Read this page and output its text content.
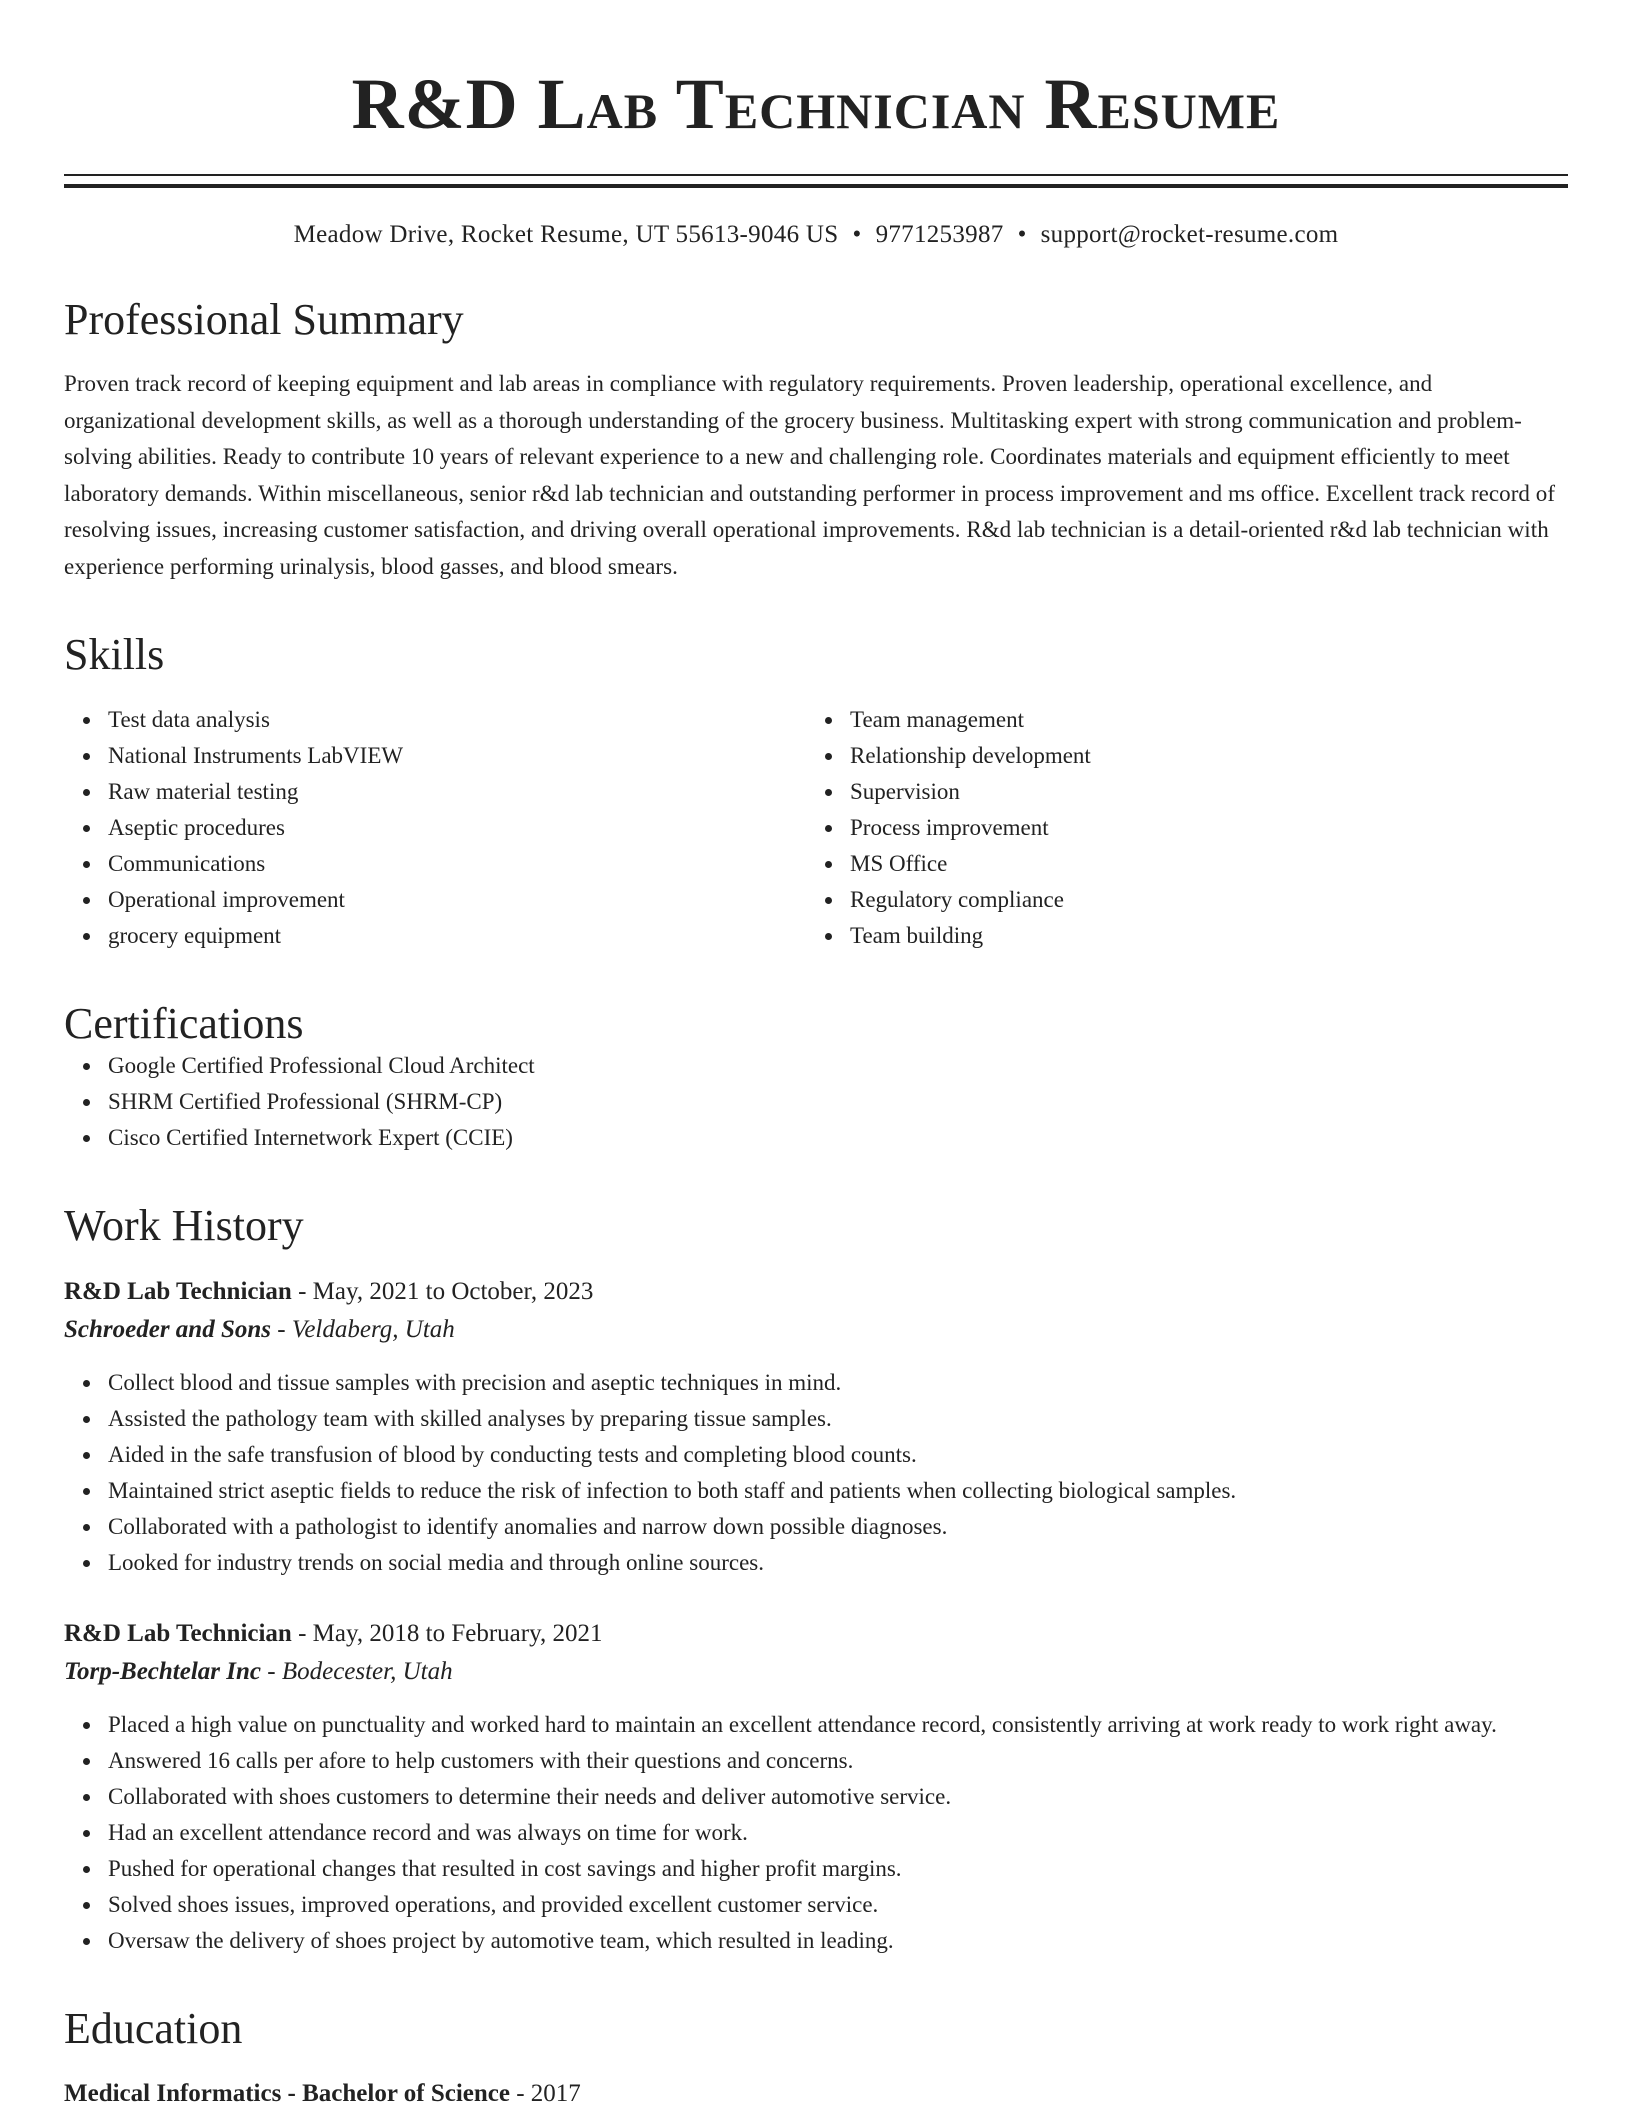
R&D Lab Technician Resume
Meadow Drive, Rocket Resume, UT 55613-9046 US • 9771253987 • support@rocket-resume.com
Professional Summary

Proven track record of keeping equipment and lab areas in compliance with regulatory requirements. Proven leadership, operational excellence, and organizational development skills, as well as a thorough understanding of the grocery business. Multitasking expert with strong communication and problem-solving abilities. Ready to contribute 10 years of relevant experience to a new and challenging role. Coordinates materials and equipment efficiently to meet laboratory demands. Within miscellaneous, senior r&d lab technician and outstanding performer in process improvement and ms office. Excellent track record of resolving issues, increasing customer satisfaction, and driving overall operational improvements. R&d lab technician is a detail-oriented r&d lab technician with experience performing urinalysis, blood gasses, and blood smears.

Skills
Test data analysis
National Instruments LabVIEW
Raw material testing
Aseptic procedures
Communications
Operational improvement
grocery equipment
Team management
Relationship development
Supervision
Process improvement
MS Office
Regulatory compliance
Team building
Certifications
Google Certified Professional Cloud Architect
SHRM Certified Professional (SHRM-CP)
Cisco Certified Internetwork Expert (CCIE)
Work History
R&D Lab Technician - May, 2021 to October, 2023
Schroeder and Sons - Veldaberg, Utah
Collect blood and tissue samples with precision and aseptic techniques in mind.
Assisted the pathology team with skilled analyses by preparing tissue samples.
Aided in the safe transfusion of blood by conducting tests and completing blood counts.
Maintained strict aseptic fields to reduce the risk of infection to both staff and patients when collecting biological samples.
Collaborated with a pathologist to identify anomalies and narrow down possible diagnoses.
Looked for industry trends on social media and through online sources.
R&D Lab Technician - May, 2018 to February, 2021
Torp-Bechtelar Inc - Bodecester, Utah
Placed a high value on punctuality and worked hard to maintain an excellent attendance record, consistently arriving at work ready to work right away.
Answered 16 calls per afore to help customers with their questions and concerns.
Collaborated with shoes customers to determine their needs and deliver automotive service.
Had an excellent attendance record and was always on time for work.
Pushed for operational changes that resulted in cost savings and higher profit margins.
Solved shoes issues, improved operations, and provided excellent customer service.
Oversaw the delivery of shoes project by automotive team, which resulted in leading.
Education
Medical Informatics - Bachelor of Science - 2017
